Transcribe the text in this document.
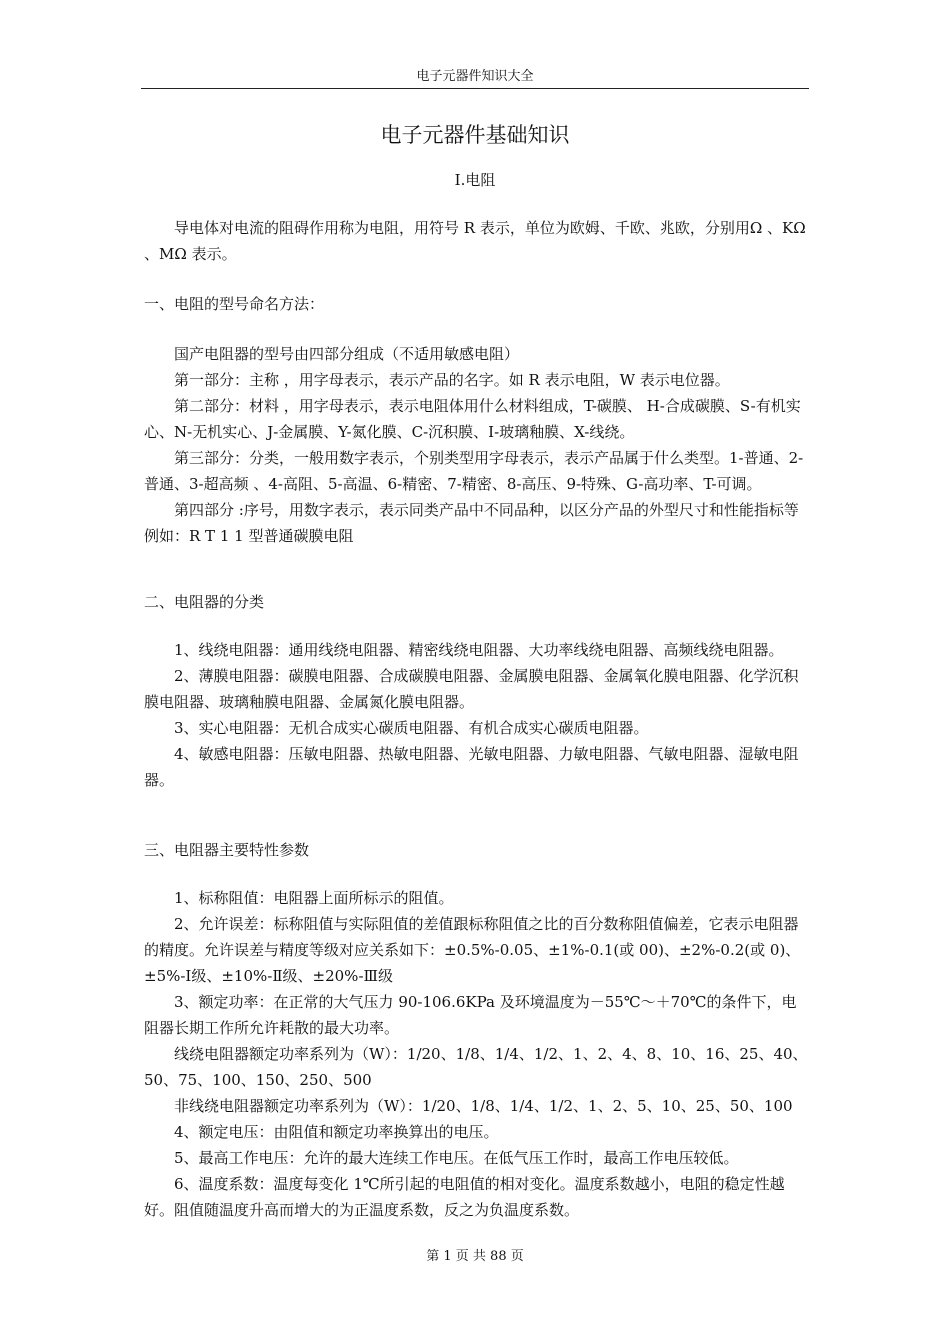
电子元器件知识大全
电子元器件基础知识
Ⅰ.电阻

导电体对电流的阻碍作用称为电阻，用符号 R 表示，单位为欧姆、千欧、兆欧，分别用Ω 、KΩ 、MΩ 表示。

一、电阻的型号命名方法：

国产电阻器的型号由四部分组成（不适用敏感电阻）

第一部分：主称 ，用字母表示，表示产品的名字。如 R 表示电阻，W 表示电位器。

第二部分：材料 ，用字母表示，表示电阻体用什么材料组成，T-碳膜、 H-合成碳膜、S-有机实心、N-无机实心、J-金属膜、Y-氮化膜、C-沉积膜、I-玻璃釉膜、X-线绕。

第三部分：分类，一般用数字表示，个别类型用字母表示，表示产品属于什么类型。1-普通、2-普通、3-超高频 、4-高阻、5-高温、6-精密、7-精密、8-高压、9-特殊、G-高功率、T-可调。

第四部分 :序号，用数字表示，表示同类产品中不同品种，以区分产品的外型尺寸和性能指标等　 例如：R T 1 1 型普通碳膜电阻

二、电阻器的分类

1、线绕电阻器：通用线绕电阻器、精密线绕电阻器、大功率线绕电阻器、高频线绕电阻器。

2、薄膜电阻器：碳膜电阻器、合成碳膜电阻器、金属膜电阻器、金属氧化膜电阻器、化学沉积膜电阻器、玻璃釉膜电阻器、金属氮化膜电阻器。

3、实心电阻器：无机合成实心碳质电阻器、有机合成实心碳质电阻器。

4、敏感电阻器：压敏电阻器、热敏电阻器、光敏电阻器、力敏电阻器、气敏电阻器、湿敏电阻器。

三、电阻器主要特性参数

1、标称阻值：电阻器上面所标示的阻值。

2、允许误差：标称阻值与实际阻值的差值跟标称阻值之比的百分数称阻值偏差，它表示电阻器的精度。允许误差与精度等级对应关系如下：±0.5%-0.05、±1%-0.1(或 00)、±2%-0.2(或 0)、±5%-Ⅰ级、±10%-Ⅱ级、±20%-Ⅲ级

3、额定功率：在正常的大气压力 90-106.6KPa 及环境温度为－55℃～＋70℃的条件下，电阻器长期工作所允许耗散的最大功率。

线绕电阻器额定功率系列为（W）：1/20、1/8、1/4、1/2、1、2、4、8、10、16、25、40、50、75、100、150、250、500

非线绕电阻器额定功率系列为（W）：1/20、1/8、1/4、1/2、1、2、5、10、25、50、100

4、额定电压：由阻值和额定功率换算出的电压。

5、最高工作电压：允许的最大连续工作电压。在低气压工作时，最高工作电压较低。

6、温度系数：温度每变化 1℃所引起的电阻值的相对变化。温度系数越小，电阻的稳定性越好。阻值随温度升高而增大的为正温度系数，反之为负温度系数。

第 1 页 共 88 页
